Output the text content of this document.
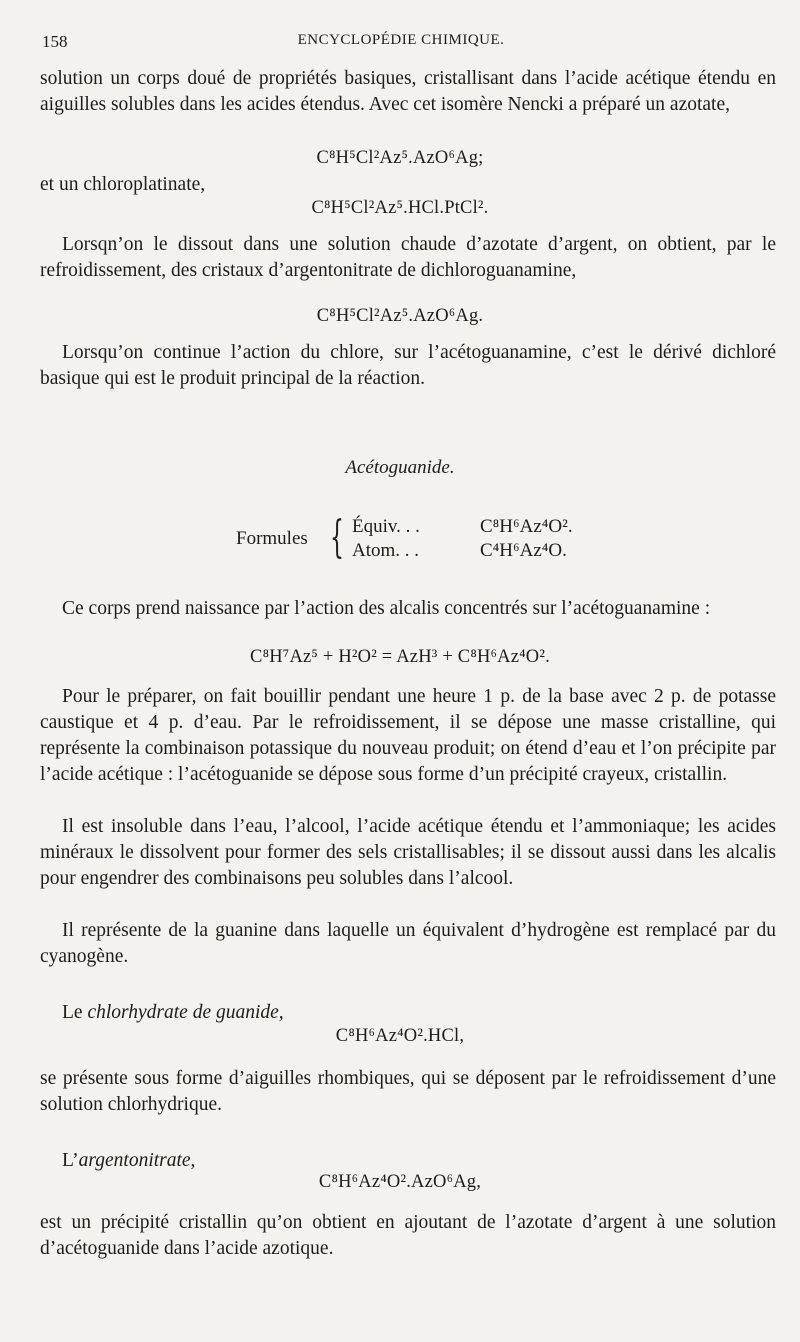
158	ENCYCLOPÉDIE CHIMIQUE.

solution un corps doué de propriétés basiques, cristallisant dans l’acide acétique étendu en aiguilles solubles dans les acides étendus. Avec cet isomère Nencki a préparé un azotate,

C⁸H⁵Cl²Az⁵.AzO⁶Ag;

et un chloroplatinate,

C⁸H⁵Cl²Az⁵.HCl.PtCl².

Lorsqn’on le dissout dans une solution chaude d’azotate d’argent, on obtient, par le refroidissement, des cristaux d’argentonitrate de dichloroguanamine,

C⁸H⁵Cl²Az⁵.AzO⁶Ag.

Lorsqu’on continue l’action du chlore, sur l’acétoguanamine, c’est le dérivé dichloré basique qui est le produit principal de la réaction.

Acétoguanide.
Formules { Équiv. . .	C⁸H⁶Az⁴O².
Atom. . .	C⁴H⁶Az⁴O.

Ce corps prend naissance par l’action des alcalis concentrés sur l’acétoguanamine :

C⁸H⁷Az⁵ + H²O² = AzH³ + C⁸H⁶Az⁴O².

Pour le préparer, on fait bouillir pendant une heure 1 p. de la base avec 2 p. de potasse caustique et 4 p. d’eau. Par le refroidissement, il se dépose une masse cristalline, qui représente la combinaison potassique du nouveau produit; on étend d’eau et l’on précipite par l’acide acétique : l’acétoguanide se dépose sous forme d’un précipité crayeux, cristallin.

Il est insoluble dans l’eau, l’alcool, l’acide acétique étendu et l’ammoniaque; les acides minéraux le dissolvent pour former des sels cristallisables; il se dissout aussi dans les alcalis pour engendrer des combinaisons peu solubles dans l’alcool.

Il représente de la guanine dans laquelle un équivalent d’hydrogène est remplacé par du cyanogène.

Le chlorhydrate de guanide,

C⁸H⁶Az⁴O².HCl,

se présente sous forme d’aiguilles rhombiques, qui se déposent par le refroidissement d’une solution chlorhydrique.

L’argentonitrate,

C⁸H⁶Az⁴O².AzO⁶Ag,

est un précipité cristallin qu’on obtient en ajoutant de l’azotate d’argent à une solution d’acétoguanide dans l’acide azotique.
